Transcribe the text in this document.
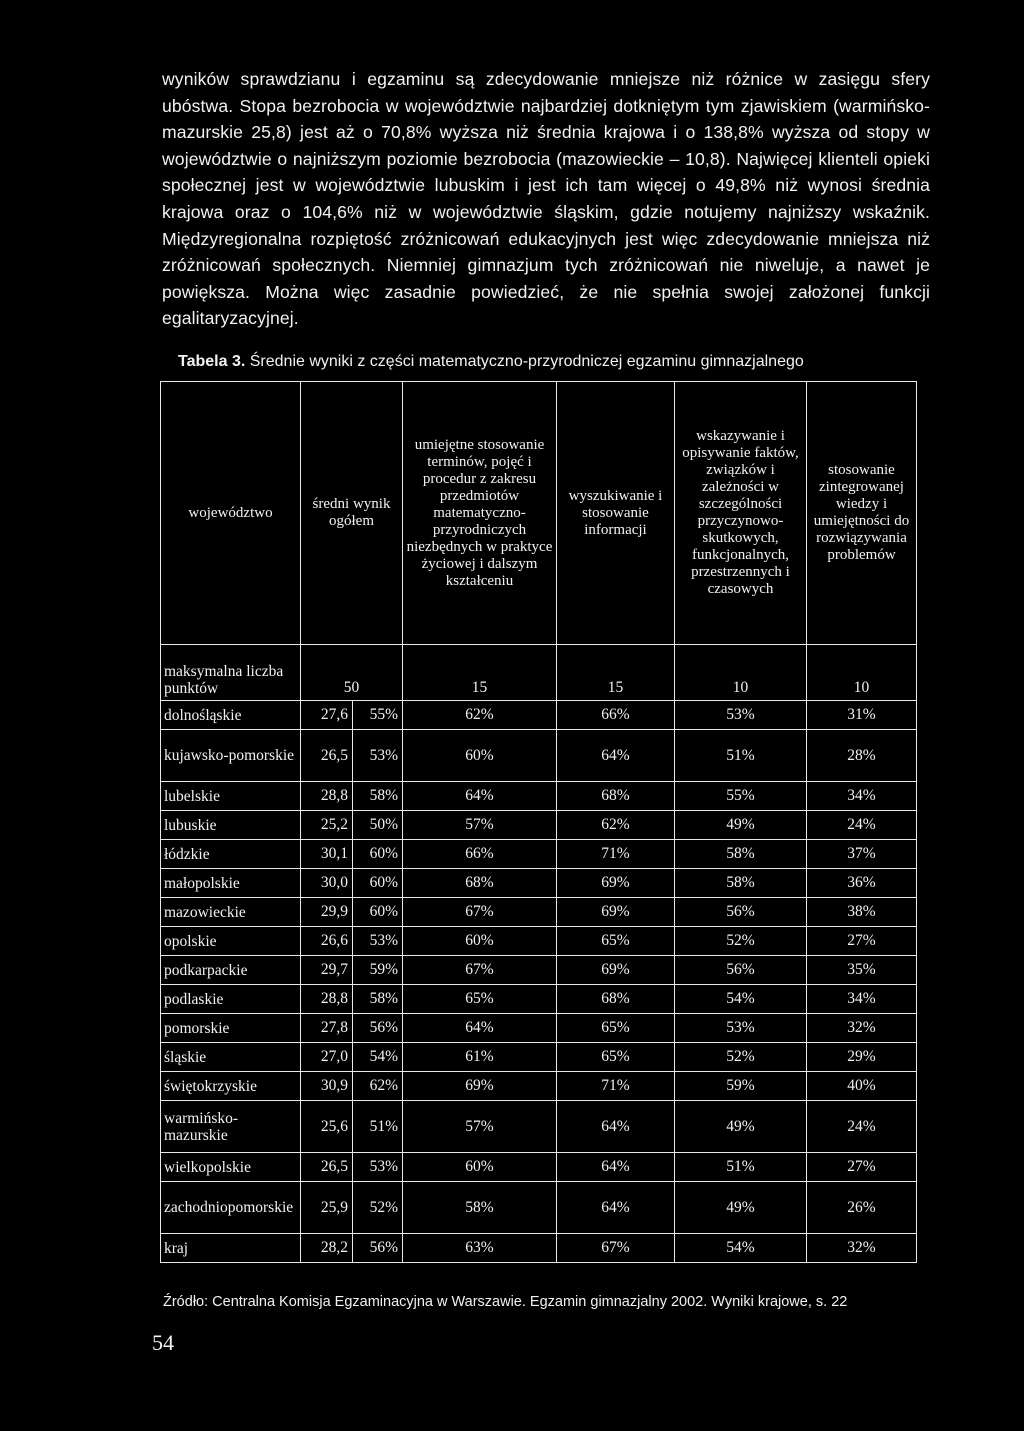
wyników sprawdzianu i egzaminu są zdecydowanie mniejsze niż różnice w zasięgu sfery ubóstwa. Stopa bezrobocia w województwie najbardziej dotkniętym tym zjawiskiem (warmińsko-mazurskie 25,8) jest aż o 70,8% wyższa niż średnia krajowa i o 138,8% wyższa od stopy w województwie o najniższym poziomie bezrobocia (mazowieckie – 10,8). Najwięcej klienteli opieki społecznej jest w województwie lubuskim i jest ich tam więcej o 49,8% niż wynosi średnia krajowa oraz o 104,6% niż w województwie śląskim, gdzie notujemy najniższy wskaźnik. Międzyregionalna rozpiętość zróżnicowań edukacyjnych jest więc zdecydowanie mniejsza niż zróżnicowań społecznych. Niemniej gimnazjum tych zróżnicowań nie niweluje, a nawet je powiększa. Można więc zasadnie powiedzieć, że nie spełnia swojej założonej funkcji egalitaryzacyjnej.

Tabela 3. Średnie wyniki z części matematyczno-przyrodniczej egzaminu gimnazjalnego
województwo	średni wynik ogółem		umiejętne stosowanie terminów, pojęć i procedur z zakresu przedmiotów matematyczno-przyrodniczych niezbędnych w praktyce życiowej i dalszym kształceniu	wyszukiwanie i stosowanie informacji	wskazywanie i opisywanie faktów, związków i zależności w szczególności przyczynowo-skutkowych, funkcjonalnych, przestrzennych i czasowych	stosowanie zintegrowanej wiedzy i umiejętności do rozwiązywania problemów
maksymalna liczba punktów	50		15	15	10	10
dolnośląskie	27,6	55%	62%	66%	53%	31%
kujawsko-pomorskie	26,5	53%	60%	64%	51%	28%
lubelskie	28,8	58%	64%	68%	55%	34%
lubuskie	25,2	50%	57%	62%	49%	24%
łódzkie	30,1	60%	66%	71%	58%	37%
małopolskie	30,0	60%	68%	69%	58%	36%
mazowieckie	29,9	60%	67%	69%	56%	38%
opolskie	26,6	53%	60%	65%	52%	27%
podkarpackie	29,7	59%	67%	69%	56%	35%
podlaskie	28,8	58%	65%	68%	54%	34%
pomorskie	27,8	56%	64%	65%	53%	32%
śląskie	27,0	54%	61%	65%	52%	29%
świętokrzyskie	30,9	62%	69%	71%	59%	40%
warmińsko-mazurskie	25,6	51%	57%	64%	49%	24%
wielkopolskie	26,5	53%	60%	64%	51%	27%
zachodniopomorskie	25,9	52%	58%	64%	49%	26%
kraj	28,2	56%	63%	67%	54%	32%
Źródło: Centralna Komisja Egzaminacyjna w Warszawie. Egzamin gimnazjalny 2002. Wyniki krajowe, s. 22
54
